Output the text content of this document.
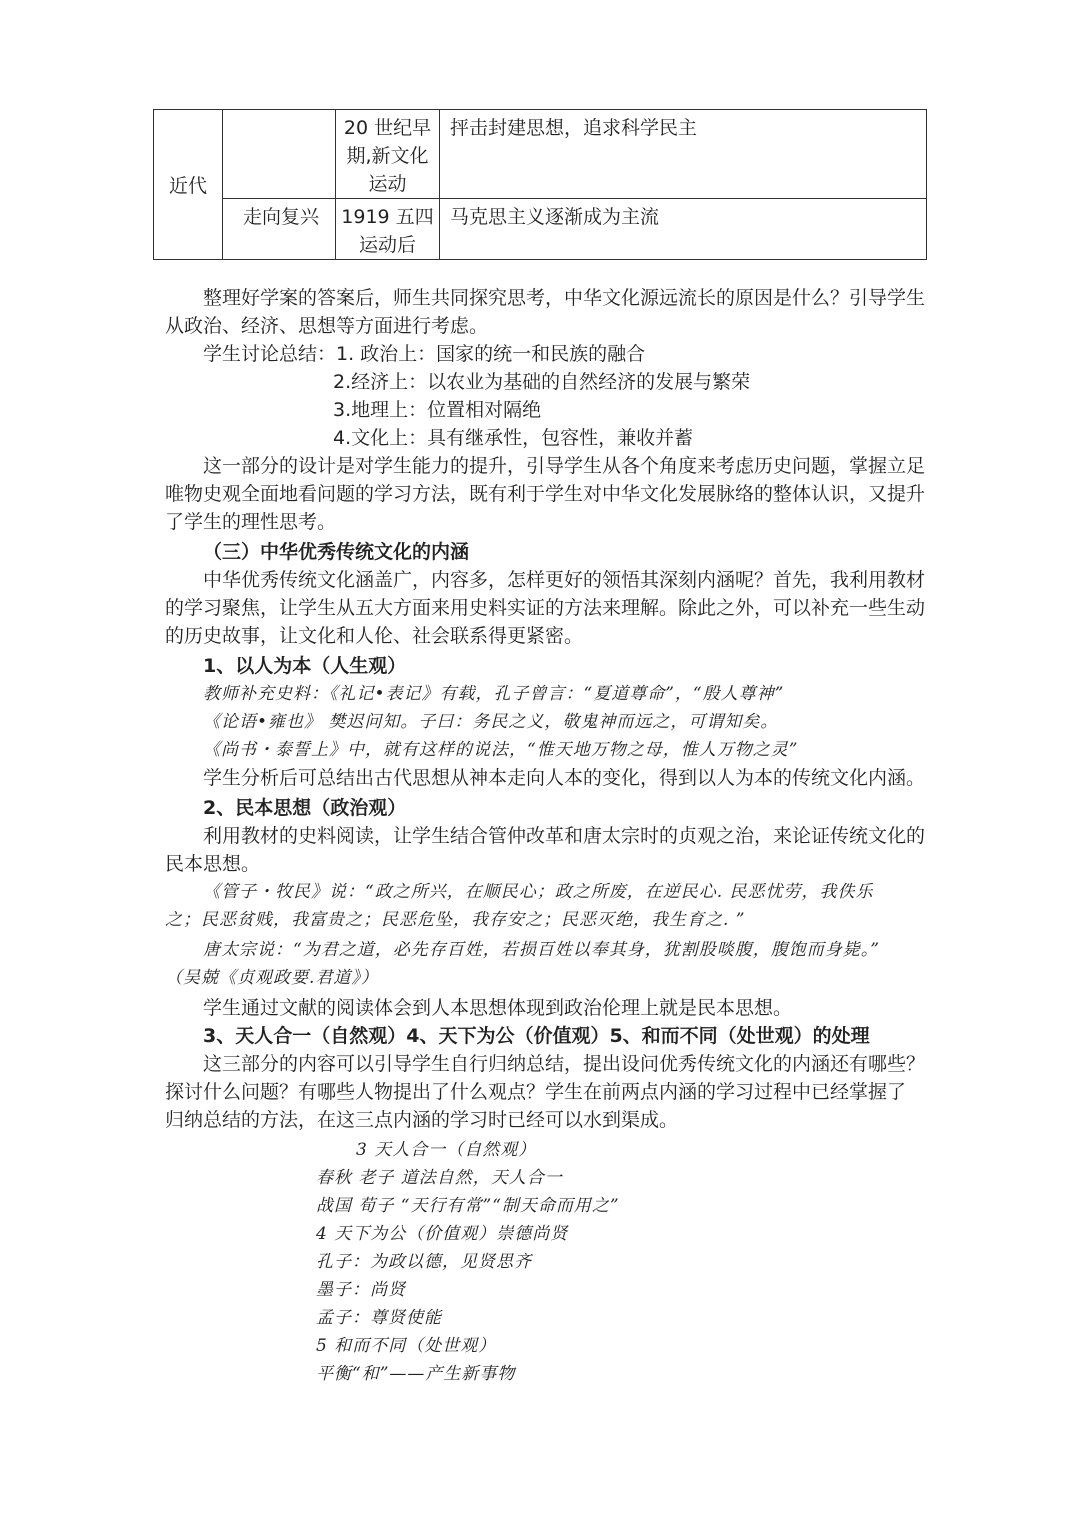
近代		20 世纪早
期,新文化
运动	抨击封建思想，追求科学民主

	走向复兴	1919 五四
运动后	马克思主义逐渐成为主流
整理好学案的答案后，师生共同探究思考，中华文化源远流长的原因是什么？引导学生
从政治、经济、思想等方面进行考虑。
学生讨论总结：1. 政治上：国家的统一和民族的融合
2.经济上：以农业为基础的自然经济的发展与繁荣
3.地理上：位置相对隔绝
4.文化上：具有继承性，包容性，兼收并蓄
这一部分的设计是对学生能力的提升，引导学生从各个角度来考虑历史问题，掌握立足
唯物史观全面地看问题的学习方法，既有利于学生对中华文化发展脉络的整体认识，又提升
了学生的理性思考。
（三）中华优秀传统文化的内涵
中华优秀传统文化涵盖广，内容多，怎样更好的领悟其深刻内涵呢？首先，我利用教材
的学习聚焦，让学生从五大方面来用史料实证的方法来理解。除此之外，可以补充一些生动
的历史故事，让文化和人伦、社会联系得更紧密。
1、以人为本（人生观）
教师补充史料：《礼记•表记》有载，孔子曾言：“夏道尊命”，“殷人尊神”
《论语•雍也》 樊迟问知。子曰：务民之义，敬鬼神而远之，可谓知矣。
《尚书・泰誓上》中，就有这样的说法，“惟天地万物之母，惟人万物之灵”
学生分析后可总结出古代思想从神本走向人本的变化，得到以人为本的传统文化内涵。
2、民本思想（政治观）
利用教材的史料阅读，让学生结合管仲改革和唐太宗时的贞观之治，来论证传统文化的
民本思想。
《管子・牧民》说：“政之所兴，在顺民心；政之所废，在逆民心. 民恶忧劳，我佚乐
之；民恶贫贱，我富贵之；民恶危坠，我存安之；民恶灭绝，我生育之. ”
唐太宗说：“为君之道，必先存百姓，若损百姓以奉其身，犹割股啖腹，腹饱而身毙。”
（吴兢《贞观政要.君道》）
学生通过文献的阅读体会到人本思想体现到政治伦理上就是民本思想。
3、天人合一（自然观）4、天下为公（价值观）5、和而不同（处世观）的处理
这三部分的内容可以引导学生自行归纳总结，提出设问优秀传统文化的内涵还有哪些？
探讨什么问题？有哪些人物提出了什么观点？学生在前两点内涵的学习过程中已经掌握了
归纳总结的方法，在这三点内涵的学习时已经可以水到渠成。
3 天人合一（自然观）
春秋 老子 道法自然，天人合一
战国 荀子 “天行有常”“制天命而用之”
4 天下为公（价值观）崇德尚贤
孔子：为政以德，见贤思齐
墨子：尚贤
孟子：尊贤使能
5 和而不同（处世观）
平衡“和”——产生新事物
